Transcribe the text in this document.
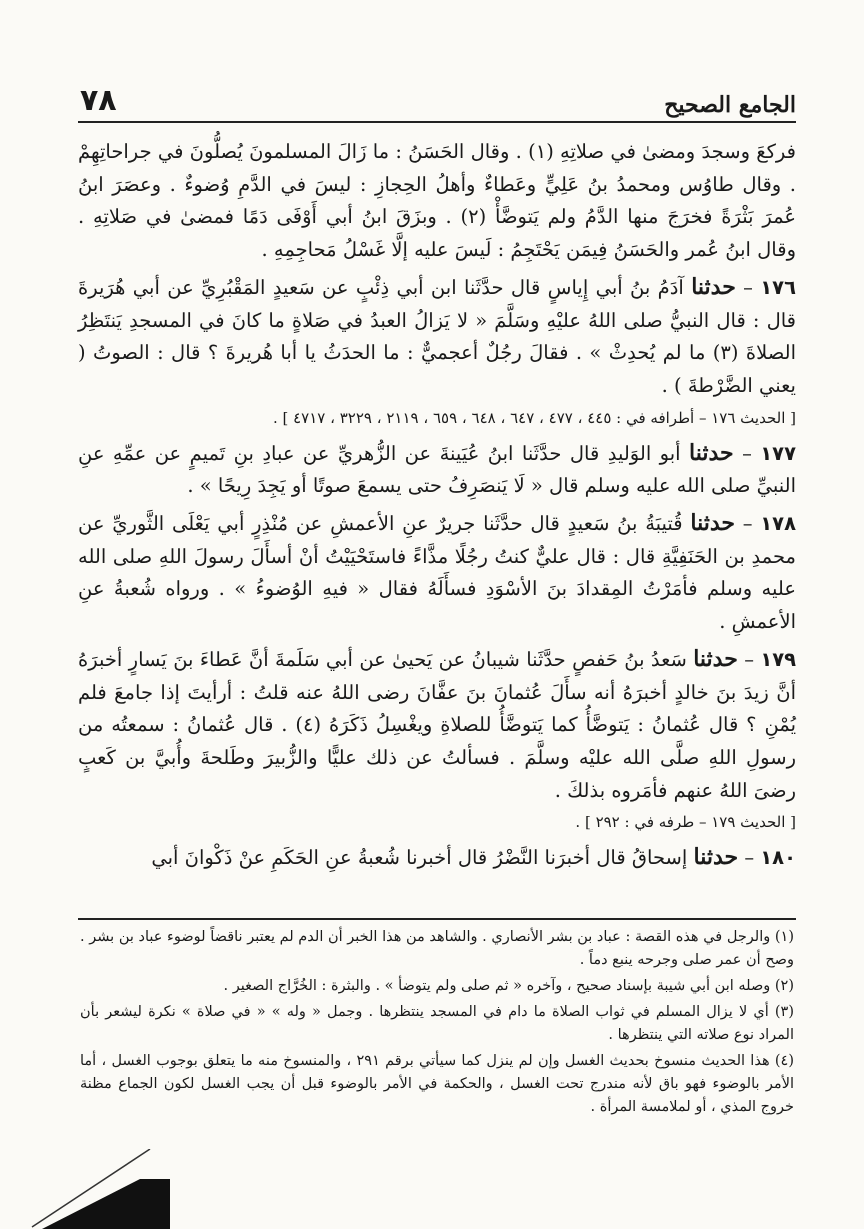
الجامع الصحيح
٧٨

فركعَ وسجدَ ومضىٰ في صلاتِهِ (١) . وقال الحَسَنُ : ما زَالَ المسلمونَ يُصلُّونَ في جراحاتِهِمْ . وقال طاوُس ومحمدُ بنُ عَلِيٍّ وعَطاءٌ وأهلُ الحِجازِ : ليسَ في الدَّمِ وُضوءٌ . وعصَرَ ابنُ عُمرَ بَثْرَةً فخرَجَ منها الدَّمُ ولم يَتوضَّأْ (٢) . وبزَقَ ابنُ أبي أَوْفَى دَمًا فمضىٰ في صَلاتِهِ . وقال ابنُ عُمر والحَسَنُ فِيمَن يَحْتَجِمُ : لَيسَ عليه إلَّا غَسْلُ مَحاجِمِهِ .

١٧٦ – حدثنا آدَمُ بنُ أبي إِياسٍ قال حدَّثَنا ابن أبي ذِئْبٍ عن سَعيدٍ المَقْبُرِيِّ عن أبي هُرَيرةَ قال : قال النبيُّ صلى اللهُ عليْهِ وسَلَّمَ « لا يَزالُ العبدُ في صَلاةٍ ما كانَ في المسجدِ يَنتَظِرُ الصلاةَ (٣) ما لم يُحدِثْ » . فقالَ رجُلٌ أعجميٌّ : ما الحدَثُ يا أبا هُريرةَ ؟ قال : الصوتُ ( يعني الضَّرْطةَ ) .

[ الحديث ١٧٦ – أطرافه في : ٤٤٥ ، ٤٧٧ ، ٦٤٧ ، ٦٤٨ ، ٦٥٩ ، ٢١١٩ ، ٣٢٢٩ ، ٤٧١٧ ] .

١٧٧ – حدثنا أبو الوَليدِ قال حدَّثَنا ابنُ عُيَينةَ عن الزُّهريِّ عن عبادِ بنِ تَميمٍ عن عمِّهِ عنِ النبيِّ صلى الله عليه وسلم قال « لَا يَنصَرِفُ حتى يسمعَ صوتًا أو يَجِدَ رِيحًا » .

١٧٨ – حدثنا قُتيبَةُ بنُ سَعيدٍ قال حدَّثَنا جريرٌ عنِ الأعمشِ عن مُنْذِرٍ أبي يَعْلَى الثَّوريِّ عن محمدِ بن الحَنَفِيَّةِ قال : قال عليٌّ كنتُ رجُلًا مذَّاءً فاستَحْيَيْتُ أنْ أسأَلَ رسولَ اللهِ صلى الله عليه وسلم فأمَرْتُ المِقدادَ بنَ الأسْوَدِ فسأَلَهُ فقال « فيهِ الوُضوءُ » . ورواه شُعبةُ عنِ الأعمشِ .

١٧٩ – حدثنا سَعدُ بنُ حَفصٍ حدَّثَنا شيبانُ عن يَحيىٰ عن أبي سَلَمةَ أنَّ عَطاءَ بنَ يَسارٍ أخبرَهُ أنَّ زيدَ بنَ خالدٍ أخبرَهُ أنه سأَلَ عُثمانَ بنَ عفَّانَ رضى اللهُ عنه قلتُ : أرأيتَ إذا جامعَ فلم يُمْنِ ؟ قال عُثمانُ : يَتوضَّأُ كما يَتوضَّأُ للصلاةِ ويغْسِلُ ذَكَرَهُ (٤) . قال عُثمانُ : سمعتُه من رسولِ اللهِ صلَّى الله عليْه وسلَّمَ . فسألتُ عن ذلك عليًّا والزُّبيرَ وطَلحةَ وأُبيَّ بن كَعبٍ رضىَ اللهُ عنهم فأمَروه بذلكَ .

[ الحديث ١٧٩ – طرفه في : ٢٩٢ ] .

١٨٠ – حدثنا إسحاقُ قال أخبرَنا النَّضْرُ قال أخبرنا شُعبةُ عنِ الحَكَمِ عنْ ذَكْوانَ أبي

(١) والرجل في هذه القصة : عباد بن بشر الأنصاري . والشاهد من هذا الخبر أن الدم لم يعتبر ناقضاً لوضوء عباد بن بشر . وصح أن عمر صلى وجرحه ينبع دماً .

(٢) وصله ابن أبي شيبة بإسناد صحيح ، وآخره « ثم صلى ولم يتوضأ » . والبثرة : الخُرَّاج الصغير .

(٣) أي لا يزال المسلم في ثواب الصلاة ما دام في المسجد ينتظرها . وجمل « وله » « في صلاة » نكرة ليشعر بأن المراد نوع صلاته التي ينتظرها .

(٤) هذا الحديث منسوخ بحديث الغسل وإن لم ينزل كما سيأتي برقم ٢٩١ ، والمنسوخ منه ما يتعلق بوجوب الغسل ، أما الأمر بالوضوء فهو باق لأنه مندرج تحت الغسل ، والحكمة في الأمر بالوضوء قبل أن يجب الغسل لكون الجماع مظنة خروج المذي ، أو لملامسة المرأة .
